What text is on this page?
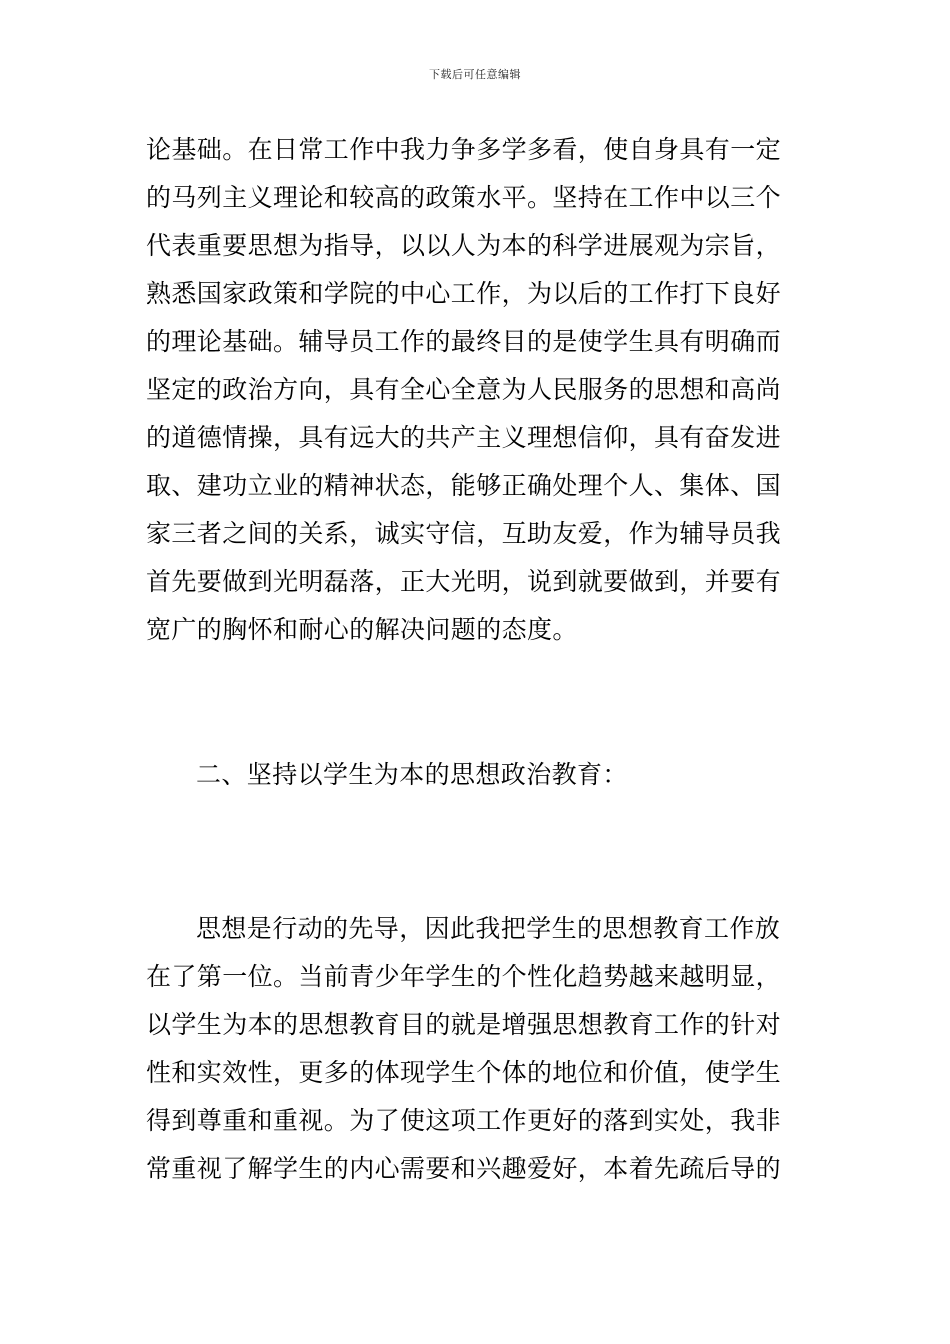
下载后可任意编辑
论基础。在日常工作中我力争多学多看，使自身具有一定
的马列主义理论和较高的政策水平。坚持在工作中以三个
代表重要思想为指导，以以人为本的科学进展观为宗旨，
熟悉国家政策和学院的中心工作，为以后的工作打下良好
的理论基础。辅导员工作的最终目的是使学生具有明确而
坚定的政治方向，具有全心全意为人民服务的思想和高尚
的道德情操，具有远大的共产主义理想信仰，具有奋发进
取、建功立业的精神状态，能够正确处理个人、集体、国
家三者之间的关系，诚实守信，互助友爱，作为辅导员我
首先要做到光明磊落，正大光明，说到就要做到，并要有
宽广的胸怀和耐心的解决问题的态度。
二、坚持以学生为本的思想政治教育：
思想是行动的先导，因此我把学生的思想教育工作放
在了第一位。当前青少年学生的个性化趋势越来越明显，
以学生为本的思想教育目的就是增强思想教育工作的针对
性和实效性，更多的体现学生个体的地位和价值，使学生
得到尊重和重视。为了使这项工作更好的落到实处，我非
常重视了解学生的内心需要和兴趣爱好，本着先疏后导的
